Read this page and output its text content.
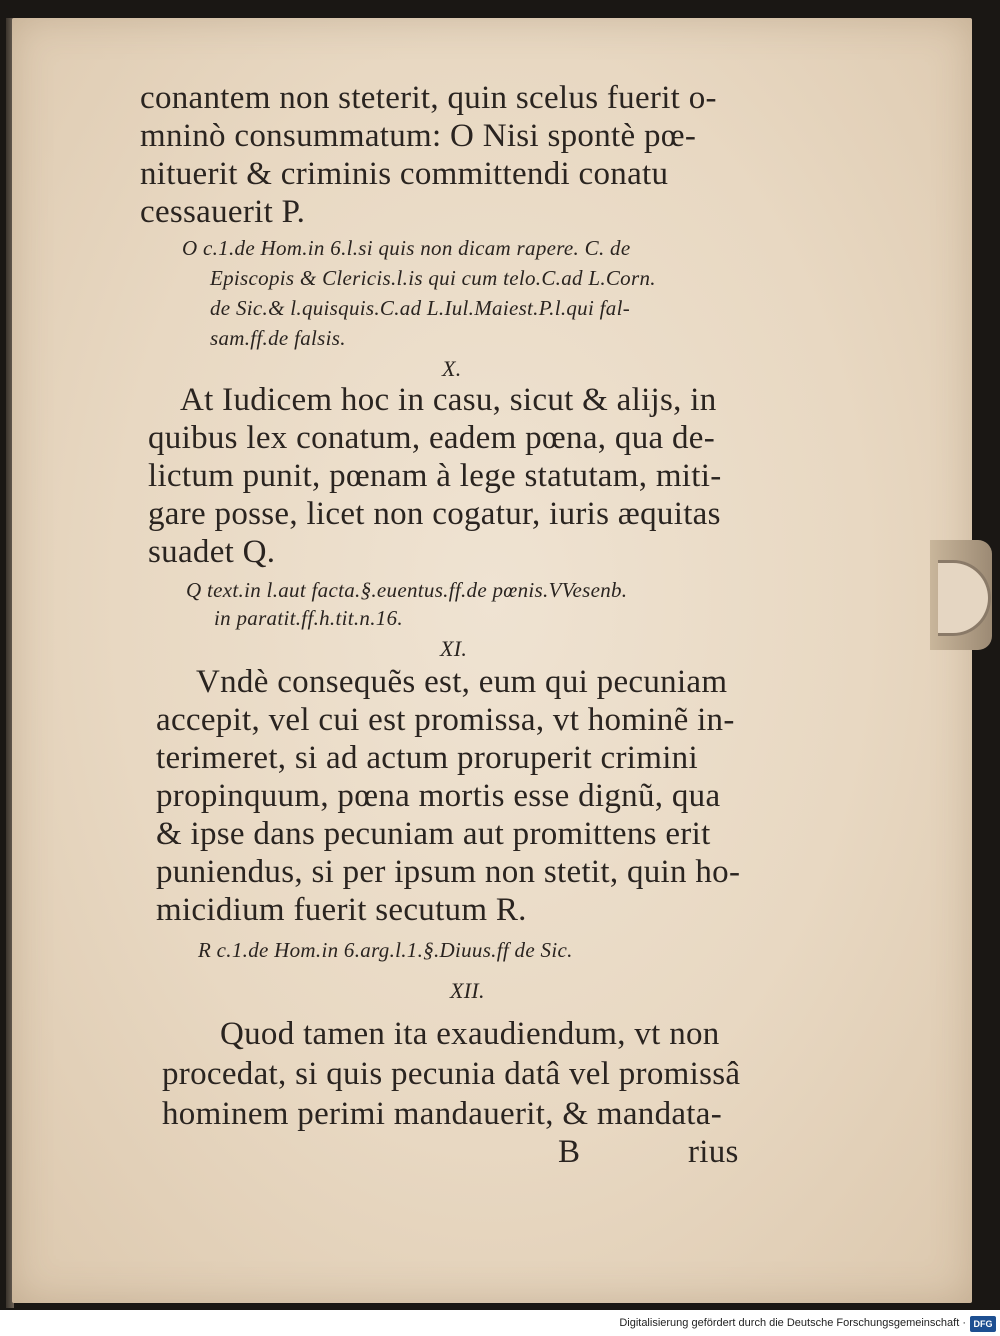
conantem non steterit, quin scelus fuerit o-
mninò consummatum: O Nisi spontè pœ-
nituerit & criminis committendi conatu
cessauerit P.
O c.1.de Hom.in 6.l.si quis non dicam rapere. C. de
Episcopis & Clericis.l.is qui cum telo.C.ad L.Corn.
de Sic.& l.quisquis.C.ad L.Iul.Maiest.P.l.qui fal-
sam.ff.de falsis.
X.
At Iudicem hoc in casu, sicut & alijs, in
quibus lex conatum, eadem pœna, qua de-
lictum punit, pœnam à lege statutam, miti-
gare posse, licet non cogatur, iuris æquitas
suadet Q.
Q text.in l.aut facta.§.euentus.ff.de pœnis.VVesenb.
in paratit.ff.h.tit.n.16.
XI.
Vndè consequẽs est, eum qui pecuniam
accepit, vel cui est promissa, vt hominẽ in-
terimeret, si ad actum proruperit crimini
propinquum, pœna mortis esse dignũ, qua
& ipse dans pecuniam aut promittens erit
puniendus, si per ipsum non stetit, quin ho-
micidium fuerit secutum R.
R c.1.de Hom.in 6.arg.l.1.§.Diuus.ff de Sic.
XII.
Quod tamen ita exaudiendum, vt non
procedat, si quis pecunia datâ vel promissâ
hominem perimi mandauerit, & mandata-
B	rius
Digitalisierung gefördert durch die Deutsche Forschungsgemeinschaft · DFG
